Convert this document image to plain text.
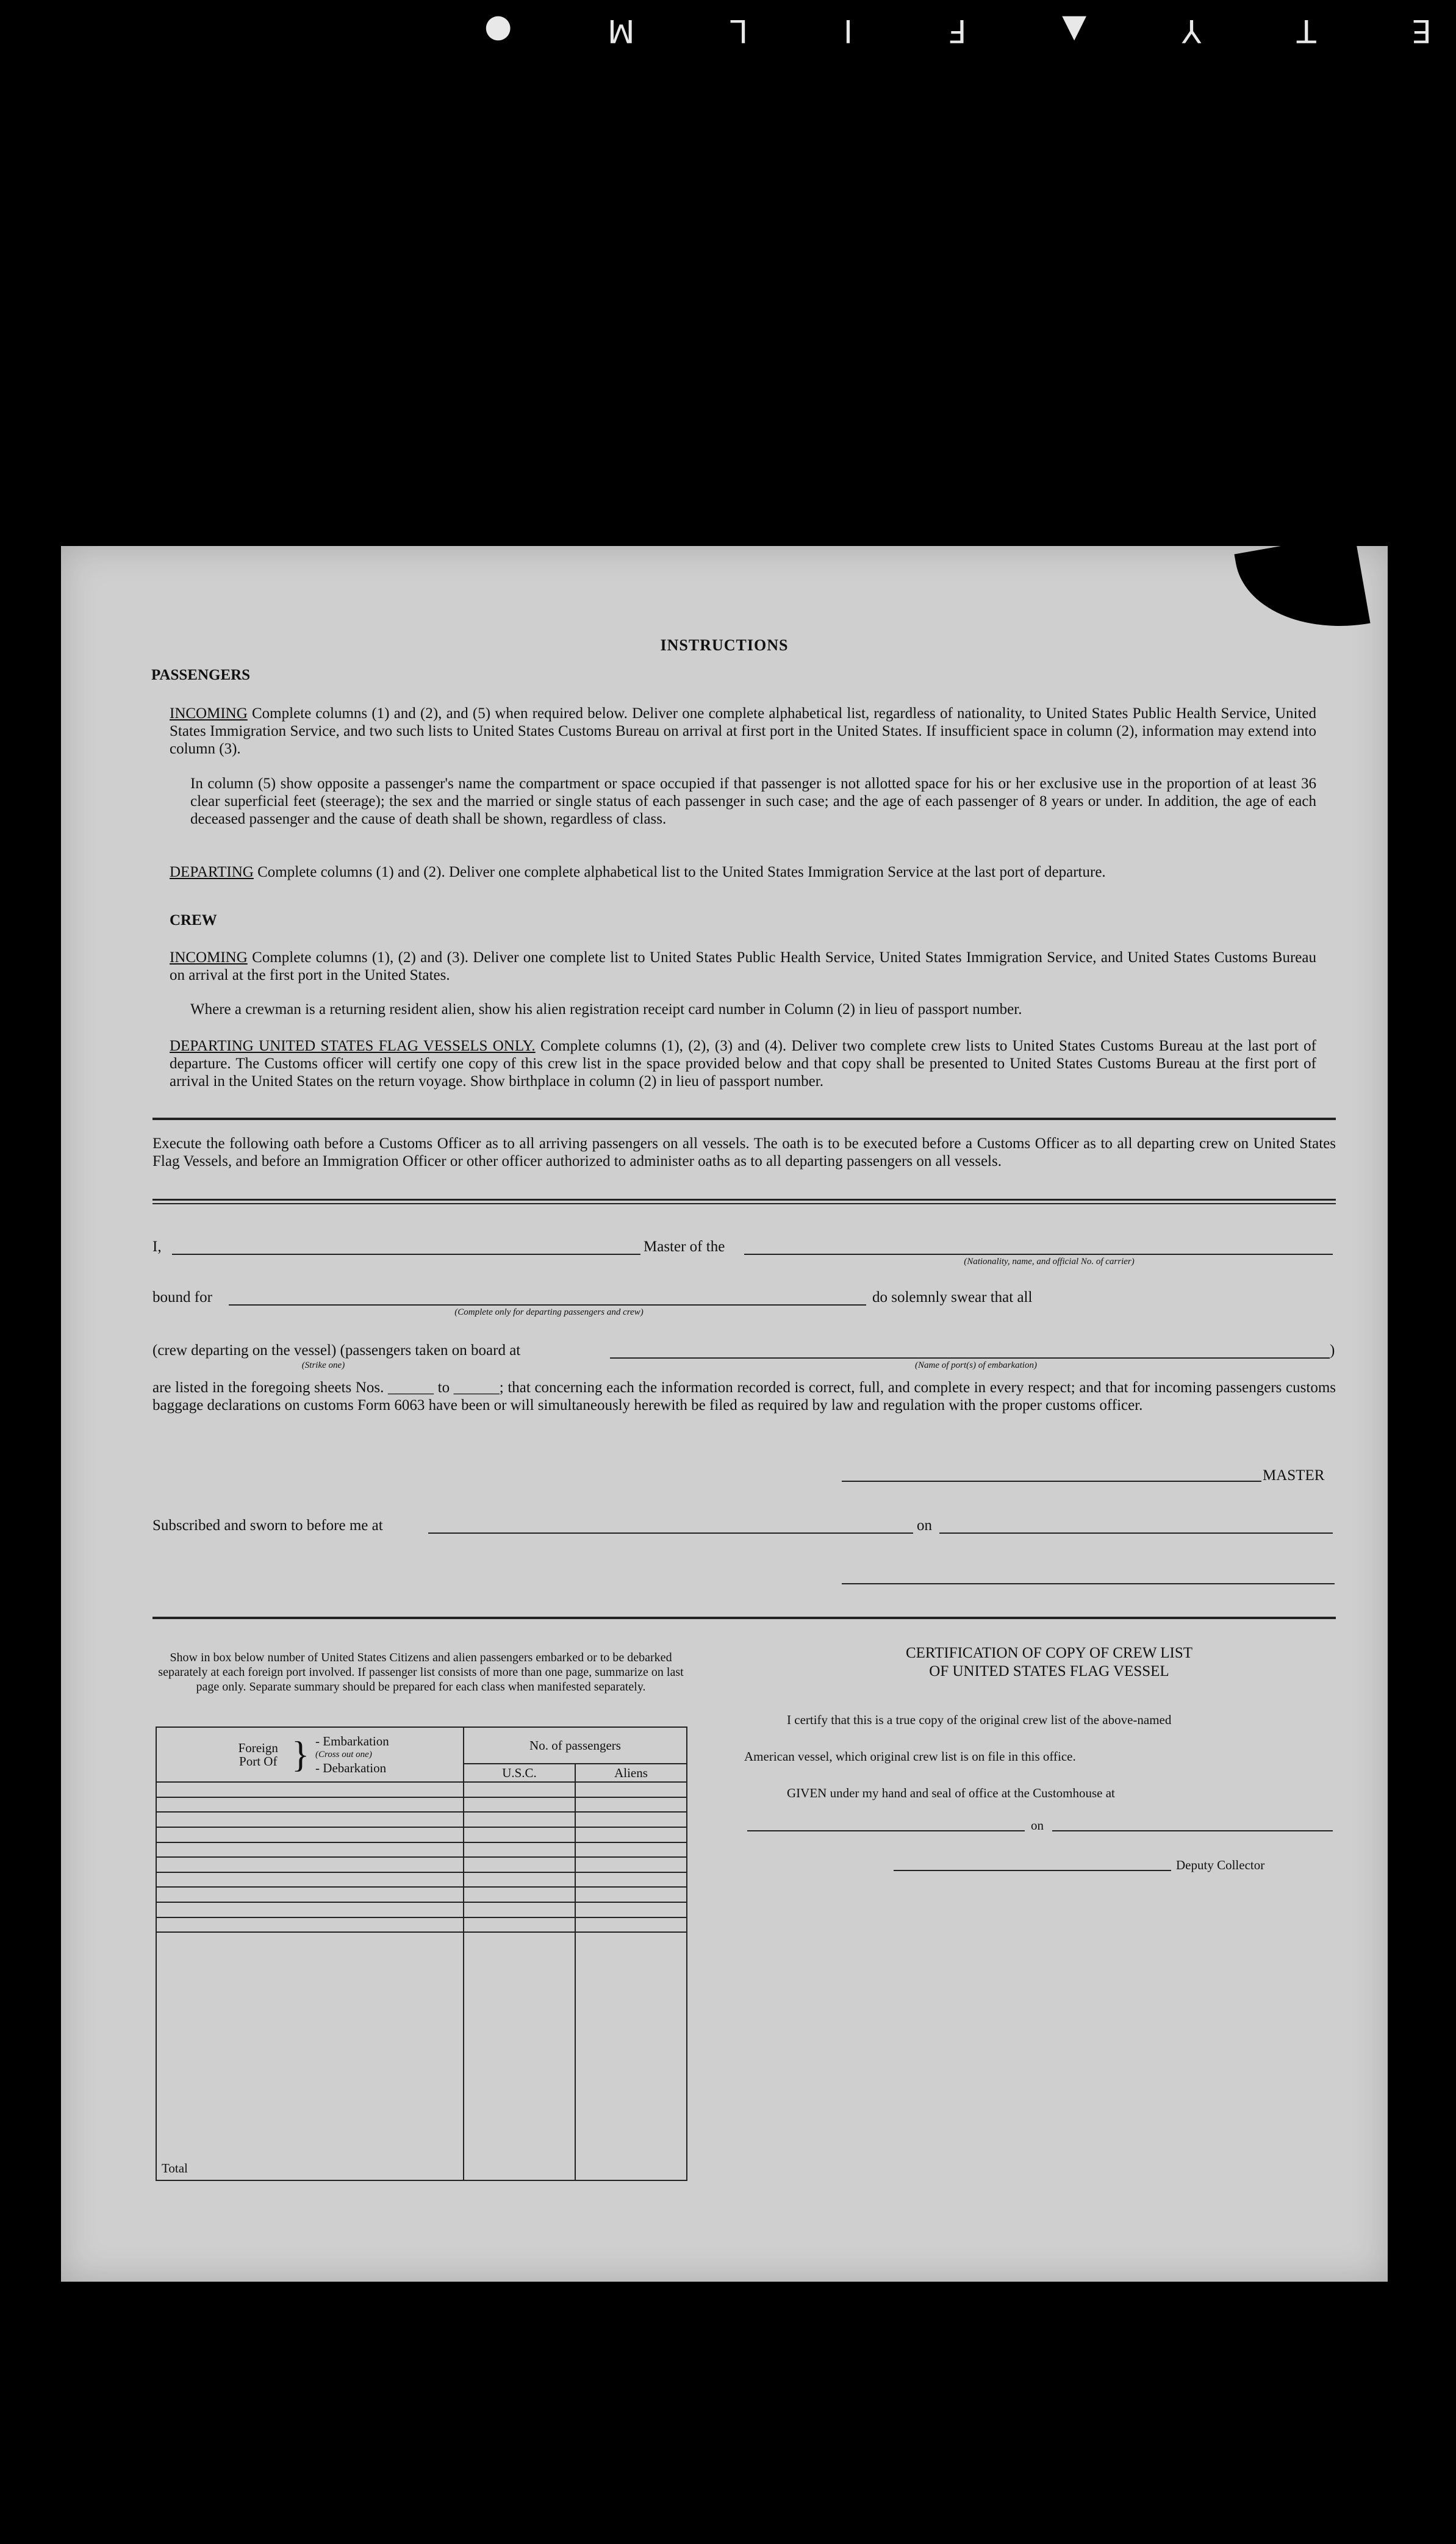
E T Y ▲ F I L M ●
INSTRUCTIONS
PASSENGERS
INCOMING Complete columns (1) and (2), and (5) when required below. Deliver one complete alphabetical list, regardless of nationality, to United States Public Health Service, United States Immigration Service, and two such lists to United States Customs Bureau on arrival at first port in the United States. If insufficient space in column (2), information may extend into column (3).
In column (5) show opposite a passenger's name the compartment or space occupied if that passenger is not allotted space for his or her exclusive use in the proportion of at least 36 clear superficial feet (steerage); the sex and the married or single status of each passenger in such case; and the age of each passenger of 8 years or under. In addition, the age of each deceased passenger and the cause of death shall be shown, regardless of class.
DEPARTING Complete columns (1) and (2). Deliver one complete alphabetical list to the United States Immigration Service at the last port of departure.
CREW
INCOMING Complete columns (1), (2) and (3). Deliver one complete list to United States Public Health Service, United States Immigration Service, and United States Customs Bureau on arrival at the first port in the United States.
Where a crewman is a returning resident alien, show his alien registration receipt card number in Column (2) in lieu of passport number.
DEPARTING UNITED STATES FLAG VESSELS ONLY. Complete columns (1), (2), (3) and (4). Deliver two complete crew lists to United States Customs Bureau at the last port of departure. The Customs officer will certify one copy of this crew list in the space provided below and that copy shall be presented to United States Customs Bureau at the first port of arrival in the United States on the return voyage. Show birthplace in column (2) in lieu of passport number.
Execute the following oath before a Customs Officer as to all arriving passengers on all vessels. The oath is to be executed before a Customs Officer as to all departing crew on United States Flag Vessels, and before an Immigration Officer or other officer authorized to administer oaths as to all departing passengers on all vessels.
I,	Master of the
(Nationality, name, and official No. of carrier)
bound for
(Complete only for departing passengers and crew)
do solemnly swear that all
(crew departing on the vessel) (passengers taken on board at	)
(Strike one)	(Name of port(s) of embarkation)
are listed in the foregoing sheets Nos. ______ to ______; that concerning each the information recorded is correct, full, and complete in every respect; and that for incoming passengers customs baggage declarations on customs Form 6063 have been or will simultaneously herewith be filed as required by law and regulation with the proper customs officer.
MASTER
Subscribed and sworn to before me at	on
Show in box below number of United States Citizens and alien passengers embarked or to be debarked separately at each foreign port involved. If passenger list consists of more than one page, summarize on last page only. Separate summary should be prepared for each class when manifested separately.
Foreign Port Of } - Embarkation
(Cross out one)
- Debarkation	No. of passengers	
	U.S.C.	Aliens

Total		
CERTIFICATION OF COPY OF CREW LIST
OF UNITED STATES FLAG VESSEL
I certify that this is a true copy of the original crew list of the above-named
American vessel, which original crew list is on file in this office.
GIVEN under my hand and seal of office at the Customhouse at
on
Deputy Collector
